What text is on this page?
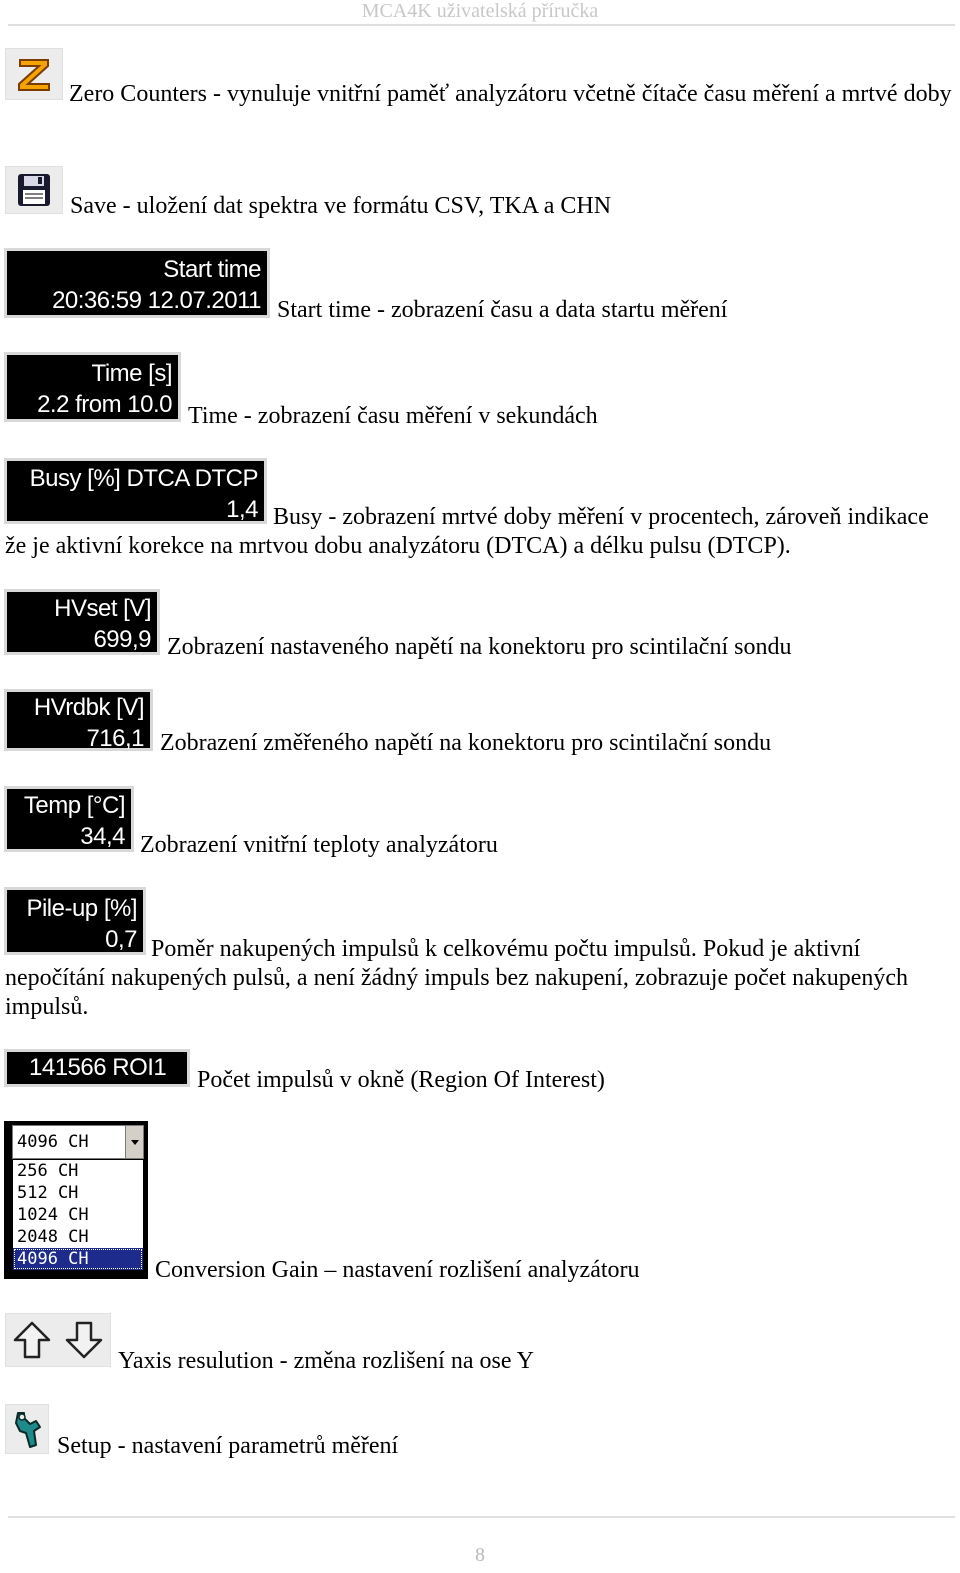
MCA4K uživatelská příručka
Zero Counters - vynuluje vnitřní paměť analyzátoru včetně čítače času měření a mrtvé doby
Save - uložení dat spektra ve formátu CSV, TKA a CHN
Start time
20:36:59 12.07.2011 Start time - zobrazení času a data startu měření
Time [s]
2.2 from 10.0 Time - zobrazení času měření v sekundách
Busy [%] DTCA DTCP
1,4 Busy - zobrazení mrtvé doby měření v procentech, zároveň indikace že je aktivní korekce na mrtvou dobu analyzátoru (DTCA) a délku pulsu (DTCP).
HVset [V]
699,9 Zobrazení nastaveného napětí na konektoru pro scintilační sondu
HVrdbk [V]
716,1 Zobrazení změřeného napětí na konektoru pro scintilační sondu
Temp [°C]
34,4 Zobrazení vnitřní teploty analyzátoru
Pile-up [%]
0,7 Poměr nakupených impulsů k celkovému počtu impulsů. Pokud je aktivní nepočítání nakupených pulsů, a není žádný impuls bez nakupení, zobrazuje počet nakupených impulsů.
141566 ROI1	Počet impulsů v okně (Region Of Interest)
4096 CH
256 CH
512 CH
1024 CH
2048 CH
4096 CH	Conversion Gain – nastavení rozlišení analyzátoru
Yaxis resulution - změna rozlišení na ose Y
Setup - nastavení parametrů měření
8
